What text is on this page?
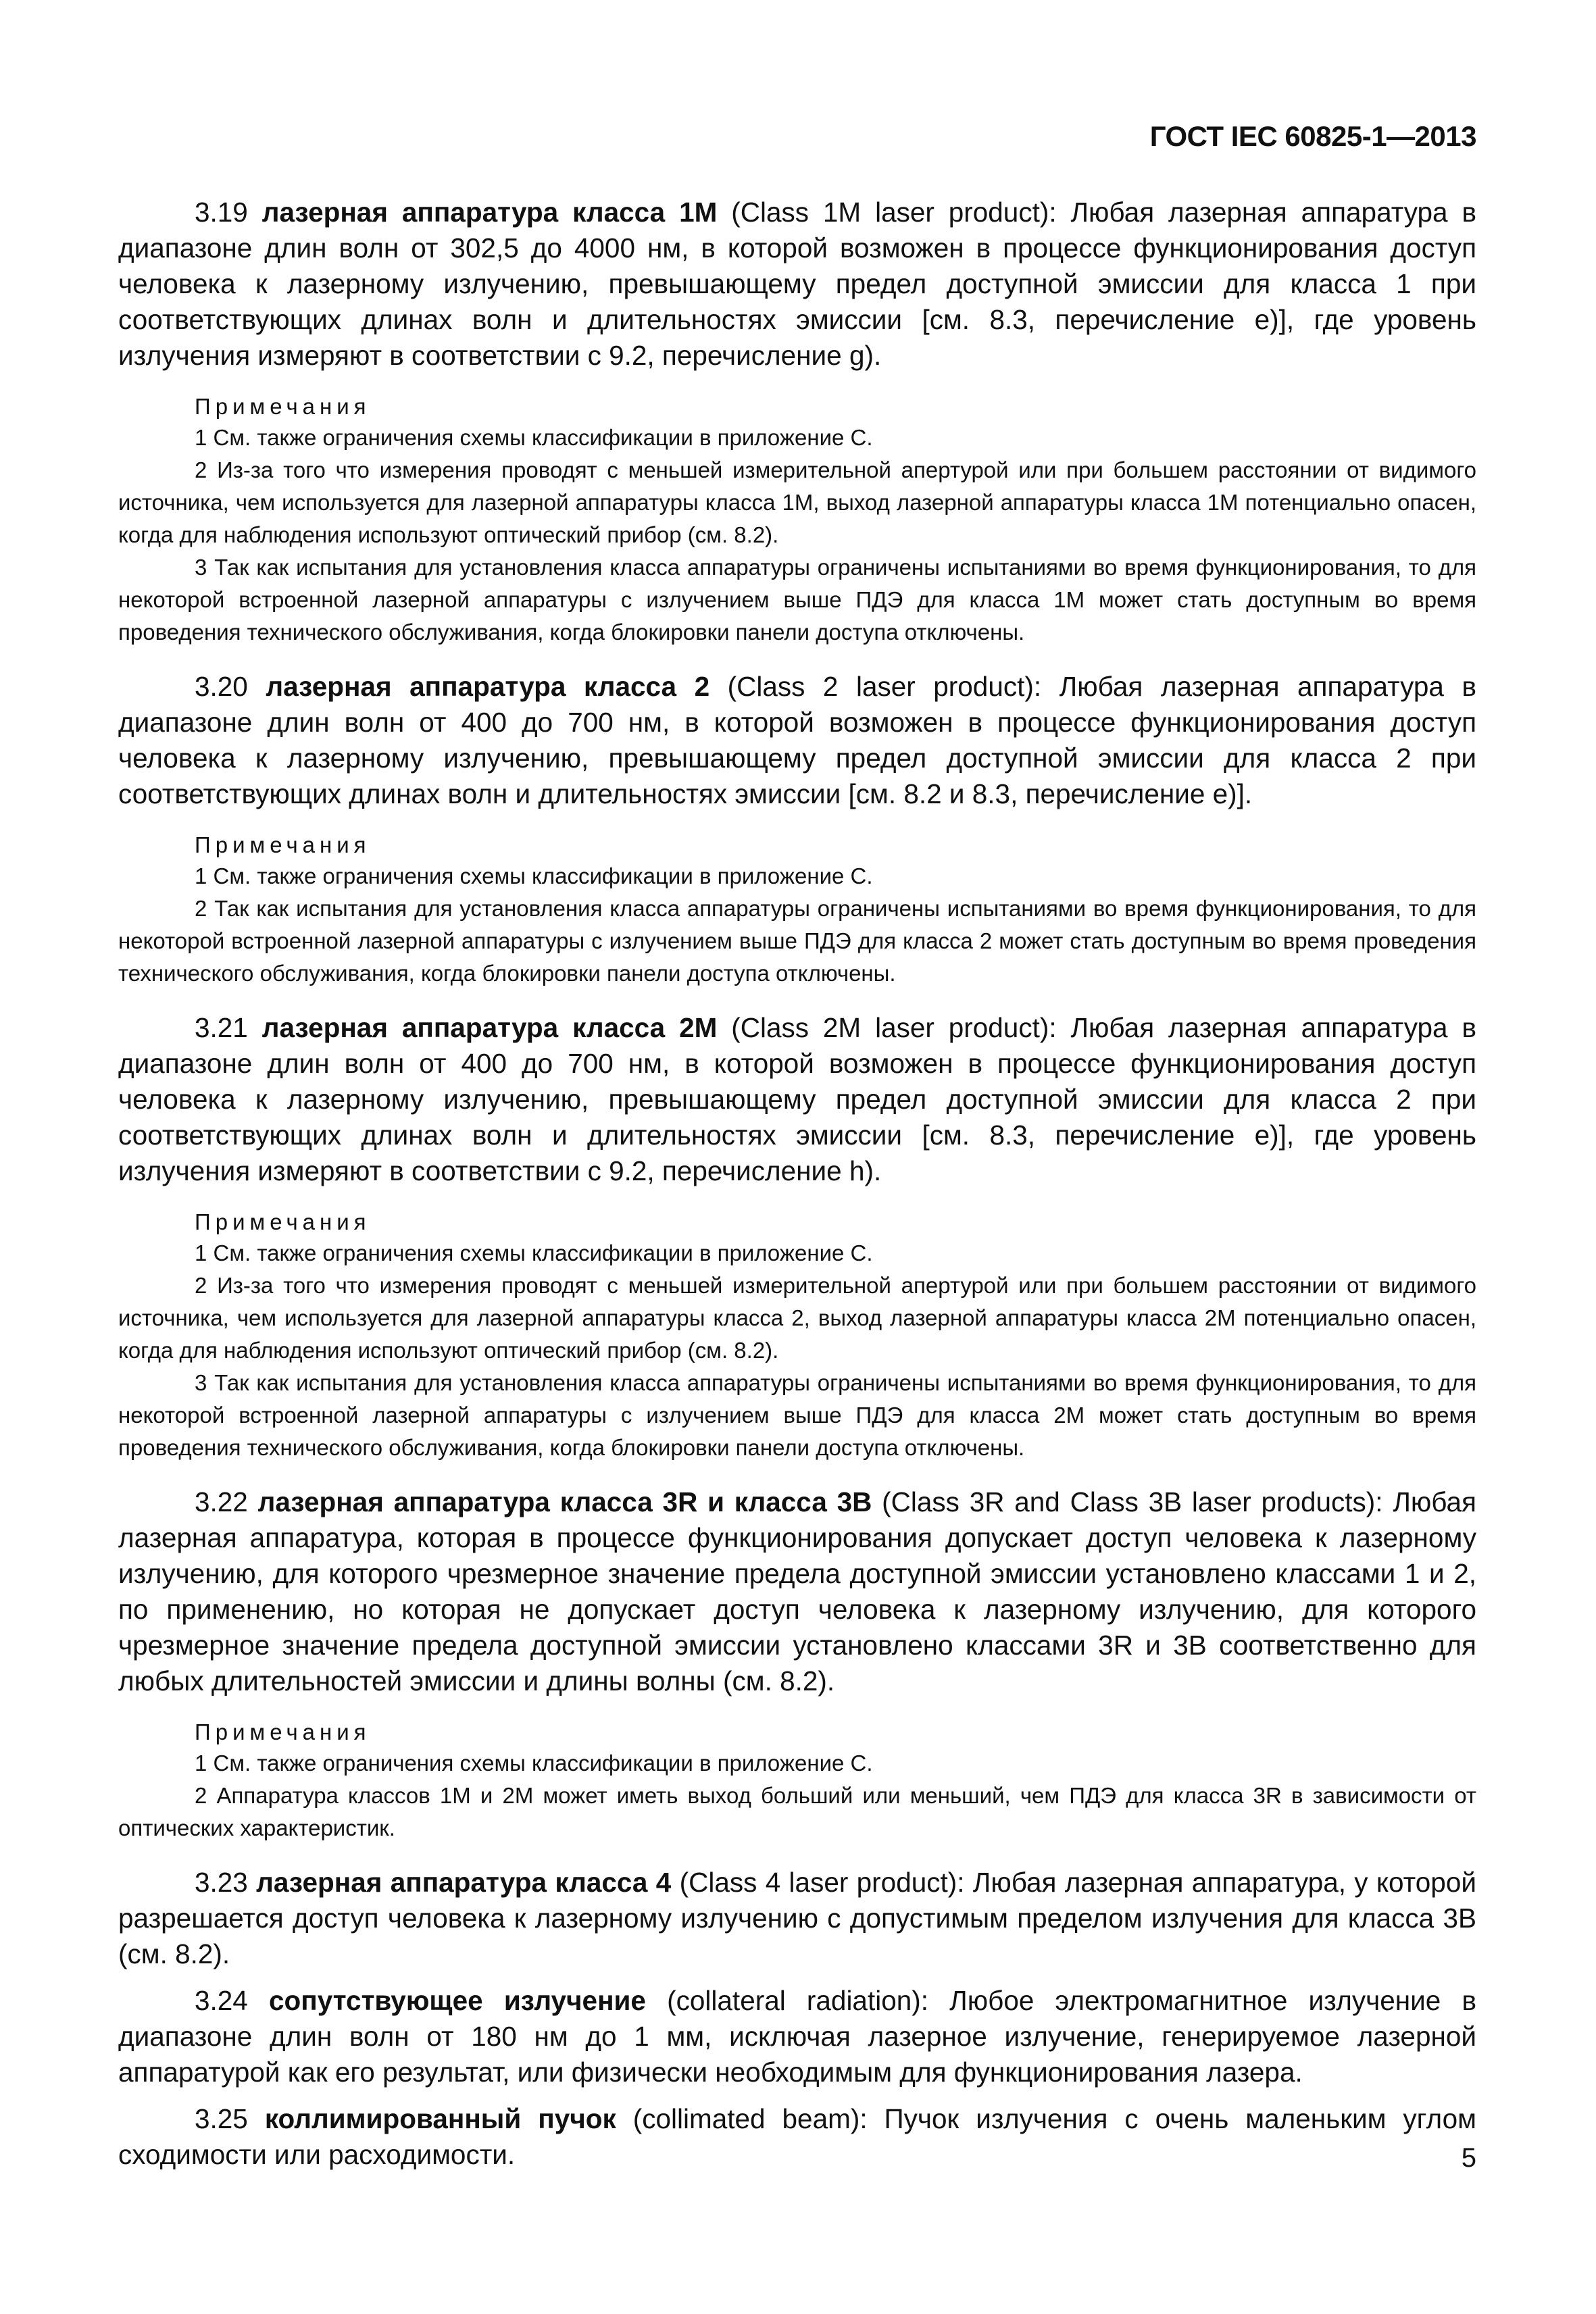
ГОСТ IEC 60825-1—2013

3.19 лазерная аппаратура класса 1М (Class 1M laser product): Любая лазерная аппаратура в диапазоне длин волн от 302,5 до 4000 нм, в которой возможен в процессе функционирования доступ человека к лазерному излучению, превышающему предел доступной эмиссии для класса 1 при соответствующих длинах волн и длительностях эмиссии [см. 8.3, перечисление е)], где уровень излучения измеряют в соответствии с 9.2, перечисление g).

Примечания

1 См. также ограничения схемы классификации в приложение С.

2 Из-за того что измерения проводят с меньшей измерительной апертурой или при большем расстоянии от видимого источника, чем используется для лазерной аппаратуры класса 1М, выход лазерной аппаратуры класса 1М потенциально опасен, когда для наблюдения используют оптический прибор (см. 8.2).

3 Так как испытания для установления класса аппаратуры ограничены испытаниями во время функционирования, то для некоторой встроенной лазерной аппаратуры с излучением выше ПДЭ для класса 1М может стать доступным во время проведения технического обслуживания, когда блокировки панели доступа отключены.

3.20 лазерная аппаратура класса 2 (Class 2 laser product): Любая лазерная аппаратура в диапазоне длин волн от 400 до 700 нм, в которой возможен в процессе функционирования доступ человека к лазерному излучению, превышающему предел доступной эмиссии для класса 2 при соответствующих длинах волн и длительностях эмиссии [см. 8.2 и 8.3, перечисление е)].

Примечания

1 См. также ограничения схемы классификации в приложение С.

2 Так как испытания для установления класса аппаратуры ограничены испытаниями во время функционирования, то для некоторой встроенной лазерной аппаратуры с излучением выше ПДЭ для класса 2 может стать доступным во время проведения технического обслуживания, когда блокировки панели доступа отключены.

3.21 лазерная аппаратура класса 2М (Class 2M laser product): Любая лазерная аппаратура в диапазоне длин волн от 400 до 700 нм, в которой возможен в процессе функционирования доступ человека к лазерному излучению, превышающему предел доступной эмиссии для класса 2 при соответствующих длинах волн и длительностях эмиссии [см. 8.3, перечисление е)], где уровень излучения измеряют в соответствии с 9.2, перечисление h).

Примечания

1 См. также ограничения схемы классификации в приложение С.

2 Из-за того что измерения проводят с меньшей измерительной апертурой или при большем расстоянии от видимого источника, чем используется для лазерной аппаратуры класса 2, выход лазерной аппаратуры класса 2М потенциально опасен, когда для наблюдения используют оптический прибор (см. 8.2).

3 Так как испытания для установления класса аппаратуры ограничены испытаниями во время функционирования, то для некоторой встроенной лазерной аппаратуры с излучением выше ПДЭ для класса 2М может стать доступным во время проведения технического обслуживания, когда блокировки панели доступа отключены.

3.22 лазерная аппаратура класса 3R и класса 3В (Class 3R and Class 3B laser products): Любая лазерная аппаратура, которая в процессе функционирования допускает доступ человека к лазерному излучению, для которого чрезмерное значение предела доступной эмиссии установлено классами 1 и 2, по применению, но которая не допускает доступ человека к лазерному излучению, для которого чрезмерное значение предела доступной эмиссии установлено классами 3R и 3В соответственно для любых длительностей эмиссии и длины волны (см. 8.2).

Примечания

1 См. также ограничения схемы классификации в приложение С.

2 Аппаратура классов 1М и 2М может иметь выход больший или меньший, чем ПДЭ для класса 3R в зависимости от оптических характеристик.

3.23 лазерная аппаратура класса 4 (Class 4 laser product): Любая лазерная аппаратура, у которой разрешается доступ человека к лазерному излучению с допустимым пределом излучения для класса 3В (см. 8.2).

3.24 сопутствующее излучение (collateral radiation): Любое электромагнитное излучение в диапазоне длин волн от 180 нм до 1 мм, исключая лазерное излучение, генерируемое лазерной аппаратурой как его результат, или физически необходимым для функционирования лазера.

3.25 коллимированный пучок (collimated beam): Пучок излучения с очень маленьким углом сходимости или расходимости.	5
